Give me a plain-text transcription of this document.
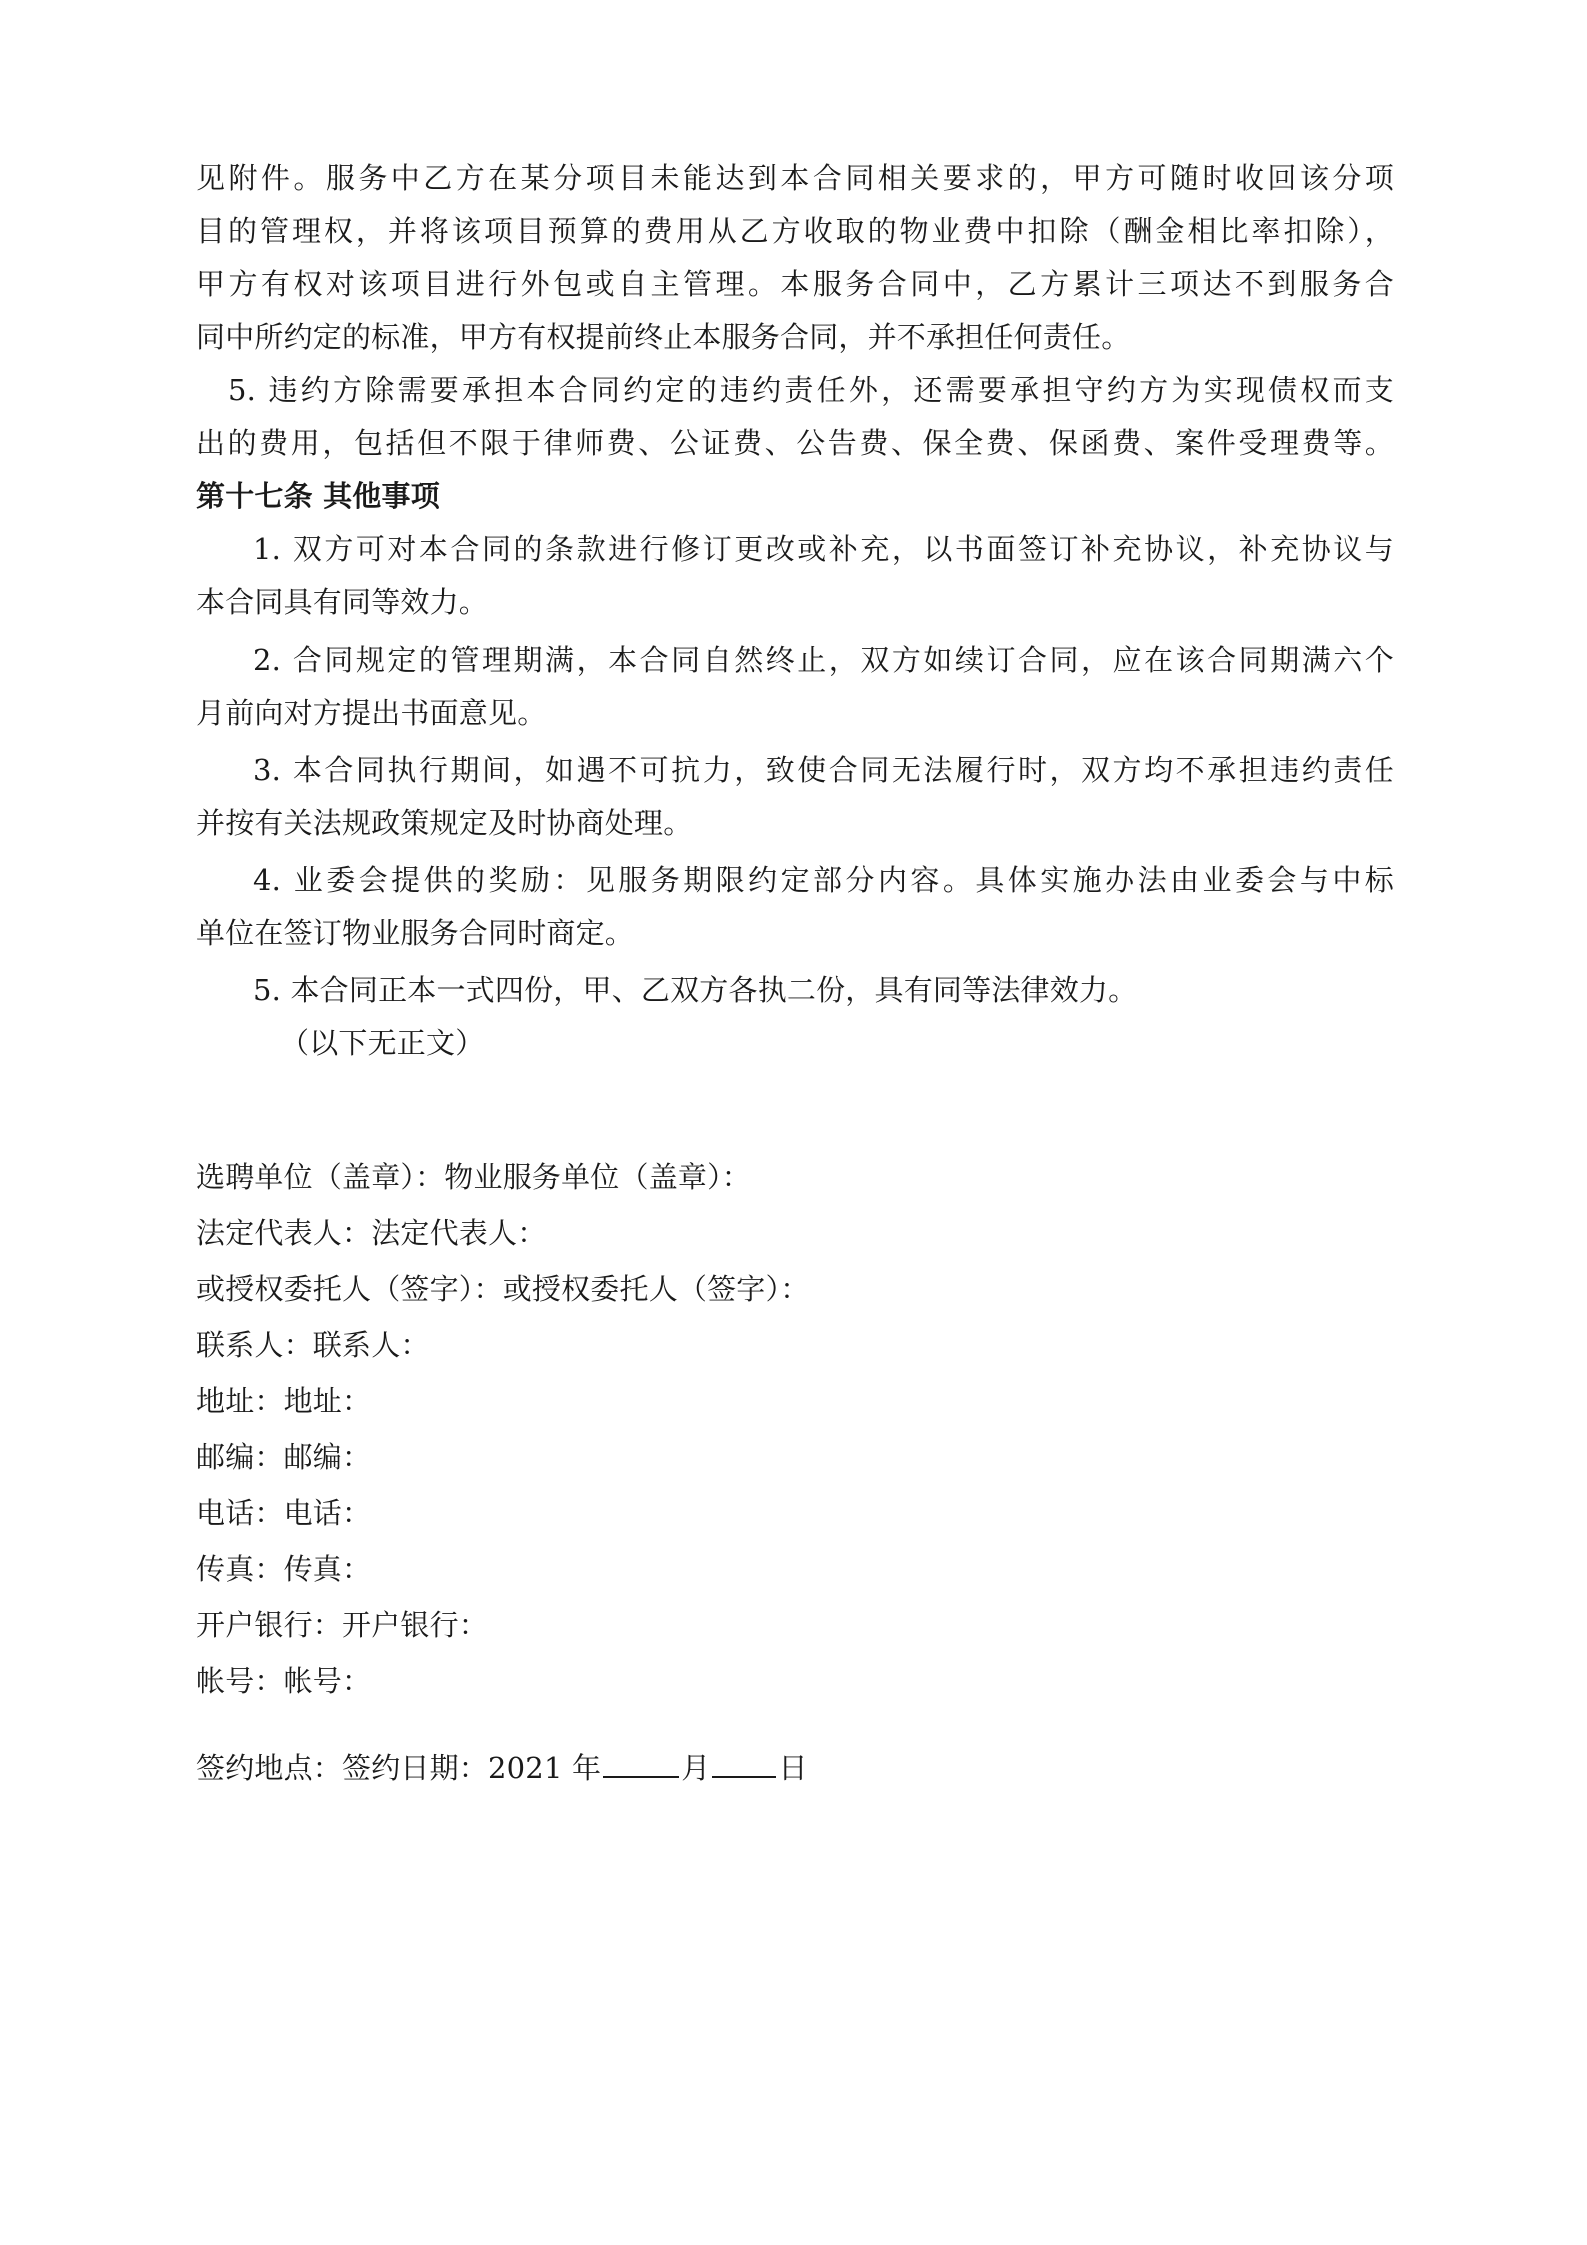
见附件。服务中乙方在某分项目未能达到本合同相关要求的，甲方可随时收回该分项
目的管理权，并将该项目预算的费用从乙方收取的物业费中扣除（酬金相比率扣除），
甲方有权对该项目进行外包或自主管理。本服务合同中，乙方累计三项达不到服务合
同中所约定的标准，甲方有权提前终止本服务合同，并不承担任何责任。
5. 违约方除需要承担本合同约定的违约责任外，还需要承担守约方为实现债权而支
出的费用，包括但不限于律师费、公证费、公告费、保全费、保函费、案件受理费等。
第十七条 其他事项
1. 双方可对本合同的条款进行修订更改或补充，以书面签订补充协议，补充协议与
本合同具有同等效力。
2. 合同规定的管理期满，本合同自然终止，双方如续订合同，应在该合同期满六个
月前向对方提出书面意见。
3. 本合同执行期间，如遇不可抗力，致使合同无法履行时，双方均不承担违约责任
并按有关法规政策规定及时协商处理。
4. 业委会提供的奖励：见服务期限约定部分内容。具体实施办法由业委会与中标
单位在签订物业服务合同时商定。
5. 本合同正本一式四份，甲、乙双方各执二份，具有同等法律效力。
（以下无正文）
选聘单位（盖章）：物业服务单位（盖章）：
法定代表人：法定代表人：
或授权委托人（签字）：或授权委托人（签字）：
联系人：联系人：
地址：地址：
邮编：邮编：
电话：电话：
传真：传真：
开户银行：开户银行：
帐号：帐号：
签约地点：签约日期：2021 年	月 日
